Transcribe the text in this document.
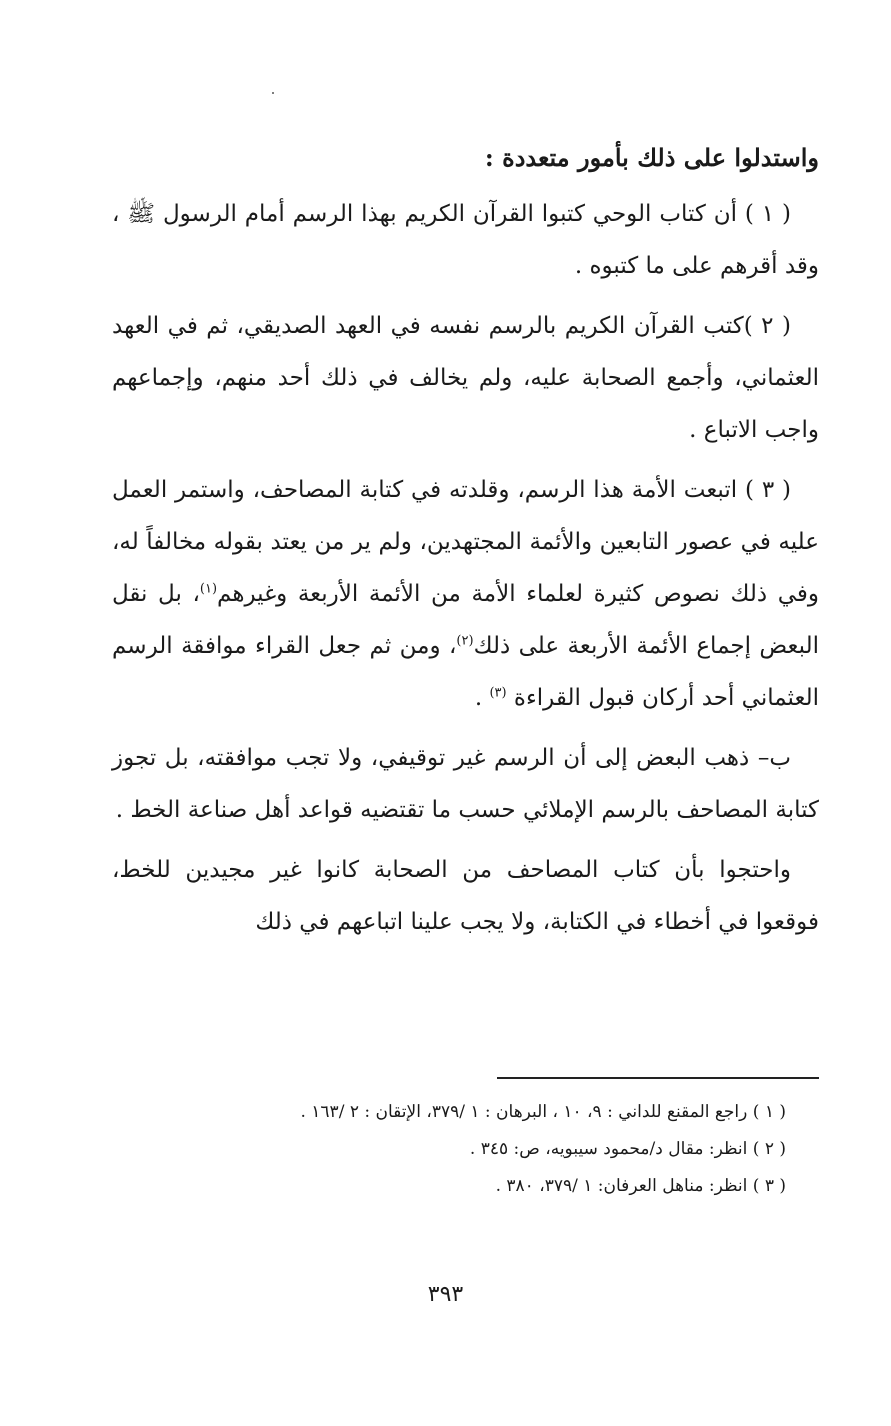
واستدلوا على ذلك بأمور متعددة :

( ١ ) أن كتاب الوحي كتبوا القرآن الكريم بهذا الرسم أمام الرسول ﷺ ، وقد أقرهم على ما كتبوه .

( ٢ )كتب القرآن الكريم بالرسم نفسه في العهد الصديقي، ثم في العهد العثماني، وأجمع الصحابة عليه، ولم يخالف في ذلك أحد منهم، وإجماعهم واجب الاتباع .

( ٣ ) اتبعت الأمة هذا الرسم، وقلدته في كتابة المصاحف، واستمر العمل عليه في عصور التابعين والأئمة المجتهدين، ولم ير من يعتد بقوله مخالفاً له، وفي ذلك نصوص كثيرة لعلماء الأمة من الأئمة الأربعة وغيرهم$^{(١)}$، بل نقل البعض إجماع الأئمة الأربعة على ذلك$^{(٢)}$، ومن ثم جعل القراء موافقة الرسم العثماني أحد أركان قبول القراءة $^{(٣)}$ .

ب– ذهب البعض إلى أن الرسم غير توقيفي، ولا تجب موافقته، بل تجوز كتابة المصاحف بالرسم الإملائي حسب ما تقتضيه قواعد أهل صناعة الخط .

واحتجوا بأن كتاب المصاحف من الصحابة كانوا غير مجيدين للخط، فوقعوا في أخطاء في الكتابة، ولا يجب علينا اتباعهم في ذلك

( ١ ) راجع المقنع للداني : ٩، ١٠ ، البرهان : ١ /٣٧٩، الإتقان : ٢ /١٦٣ .
( ٢ ) انظر: مقال د/محمود سيبويه، ص: ٣٤٥ .
( ٣ ) انظر: مناهل العرفان: ١ /٣٧٩، ٣٨٠ .
٣٩٣
